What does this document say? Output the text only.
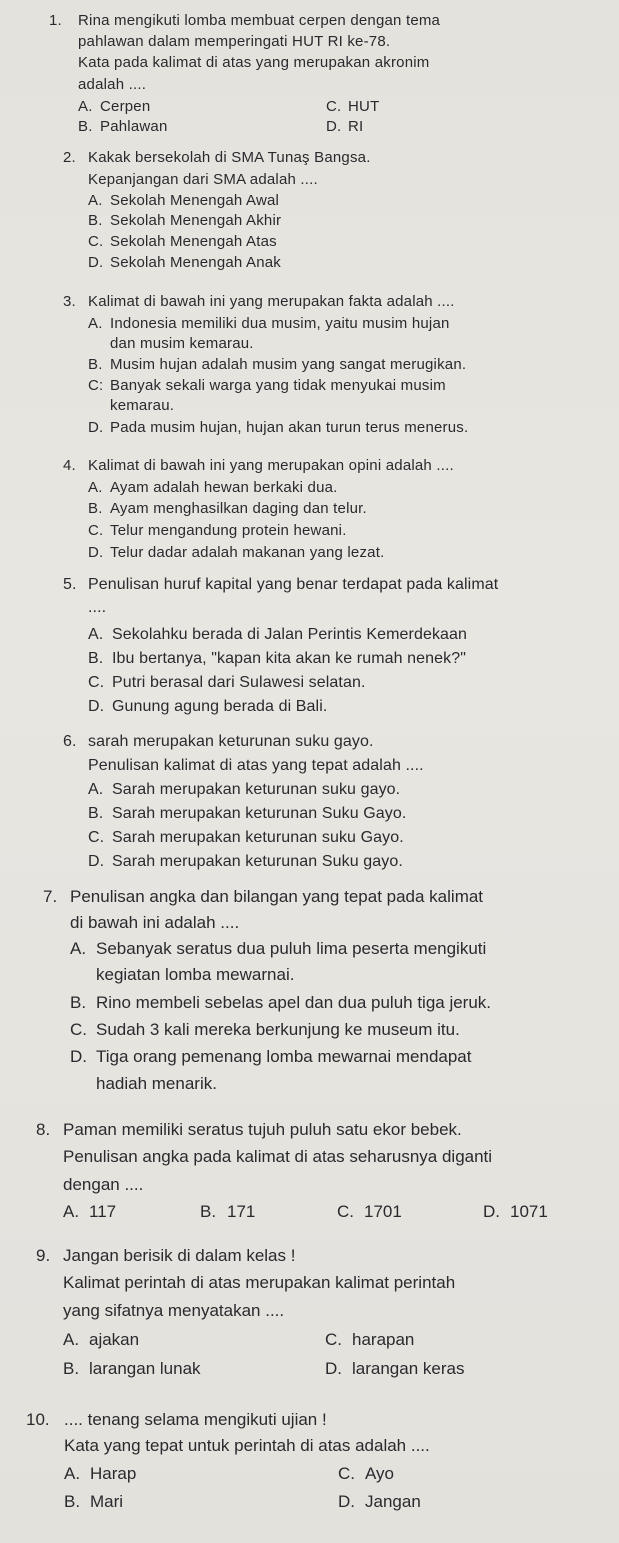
1. Rina mengikuti lomba membuat cerpen dengan tema
pahlawan dalam memperingati HUT RI ke-78.
Kata pada kalimat di atas yang merupakan akronim
adalah ....
A. Cerpen
B. Pahlawan
C. HUT
D. RI
2. Kakak bersekolah di SMA Tunaş Bangsa.
Kepanjangan dari SMA adalah ....
A. Sekolah Menengah Awal
B. Sekolah Menengah Akhir
C. Sekolah Menengah Atas
D. Sekolah Menengah Anak
3. Kalimat di bawah ini yang merupakan fakta adalah ....
A. Indonesia memiliki dua musim, yaitu musim hujan
dan musim kemarau.
B. Musim hujan adalah musim yang sangat merugikan.
C: Banyak sekali warga yang tidak menyukai musim
kemarau.
D. Pada musim hujan, hujan akan turun terus menerus.
4. Kalimat di bawah ini yang merupakan opini adalah ....
A. Ayam adalah hewan berkaki dua.
B. Ayam menghasilkan daging dan telur.
C. Telur mengandung protein hewani.
D. Telur dadar adalah makanan yang lezat.
5. Penulisan huruf kapital yang benar terdapat pada kalimat
....
A. Sekolahku berada di Jalan Perintis Kemerdekaan
B. Ibu bertanya, "kapan kita akan ke rumah nenek?"
C. Putri berasal dari Sulawesi selatan.
D. Gunung agung berada di Bali.
6. sarah merupakan keturunan suku gayo.
Penulisan kalimat di atas yang tepat adalah ....
A. Sarah merupakan keturunan suku gayo.
B. Sarah merupakan keturunan Suku Gayo.
C. Sarah merupakan keturunan suku Gayo.
D. Sarah merupakan keturunan Suku gayo.
7. Penulisan angka dan bilangan yang tepat pada kalimat
di bawah ini adalah ....
A. Sebanyak seratus dua puluh lima peserta mengikuti
kegiatan lomba mewarnai.
B. Rino membeli sebelas apel dan dua puluh tiga jeruk.
C. Sudah 3 kali mereka berkunjung ke museum itu.
D. Tiga orang pemenang lomba mewarnai mendapat
hadiah menarik.
8. Paman memiliki seratus tujuh puluh satu ekor bebek.
Penulisan angka pada kalimat di atas seharusnya diganti
dengan ....
A. 117	B. 171	C. 1701	D. 1071
9. Jangan berisik di dalam kelas !
Kalimat perintah di atas merupakan kalimat perintah
yang sifatnya menyatakan ....
A. ajakan
B. larangan lunak
C. harapan
D. larangan keras
10. .... tenang selama mengikuti ujian !
Kata yang tepat untuk perintah di atas adalah ....
A. Harap
B. Mari
C. Ayo
D. Jangan
